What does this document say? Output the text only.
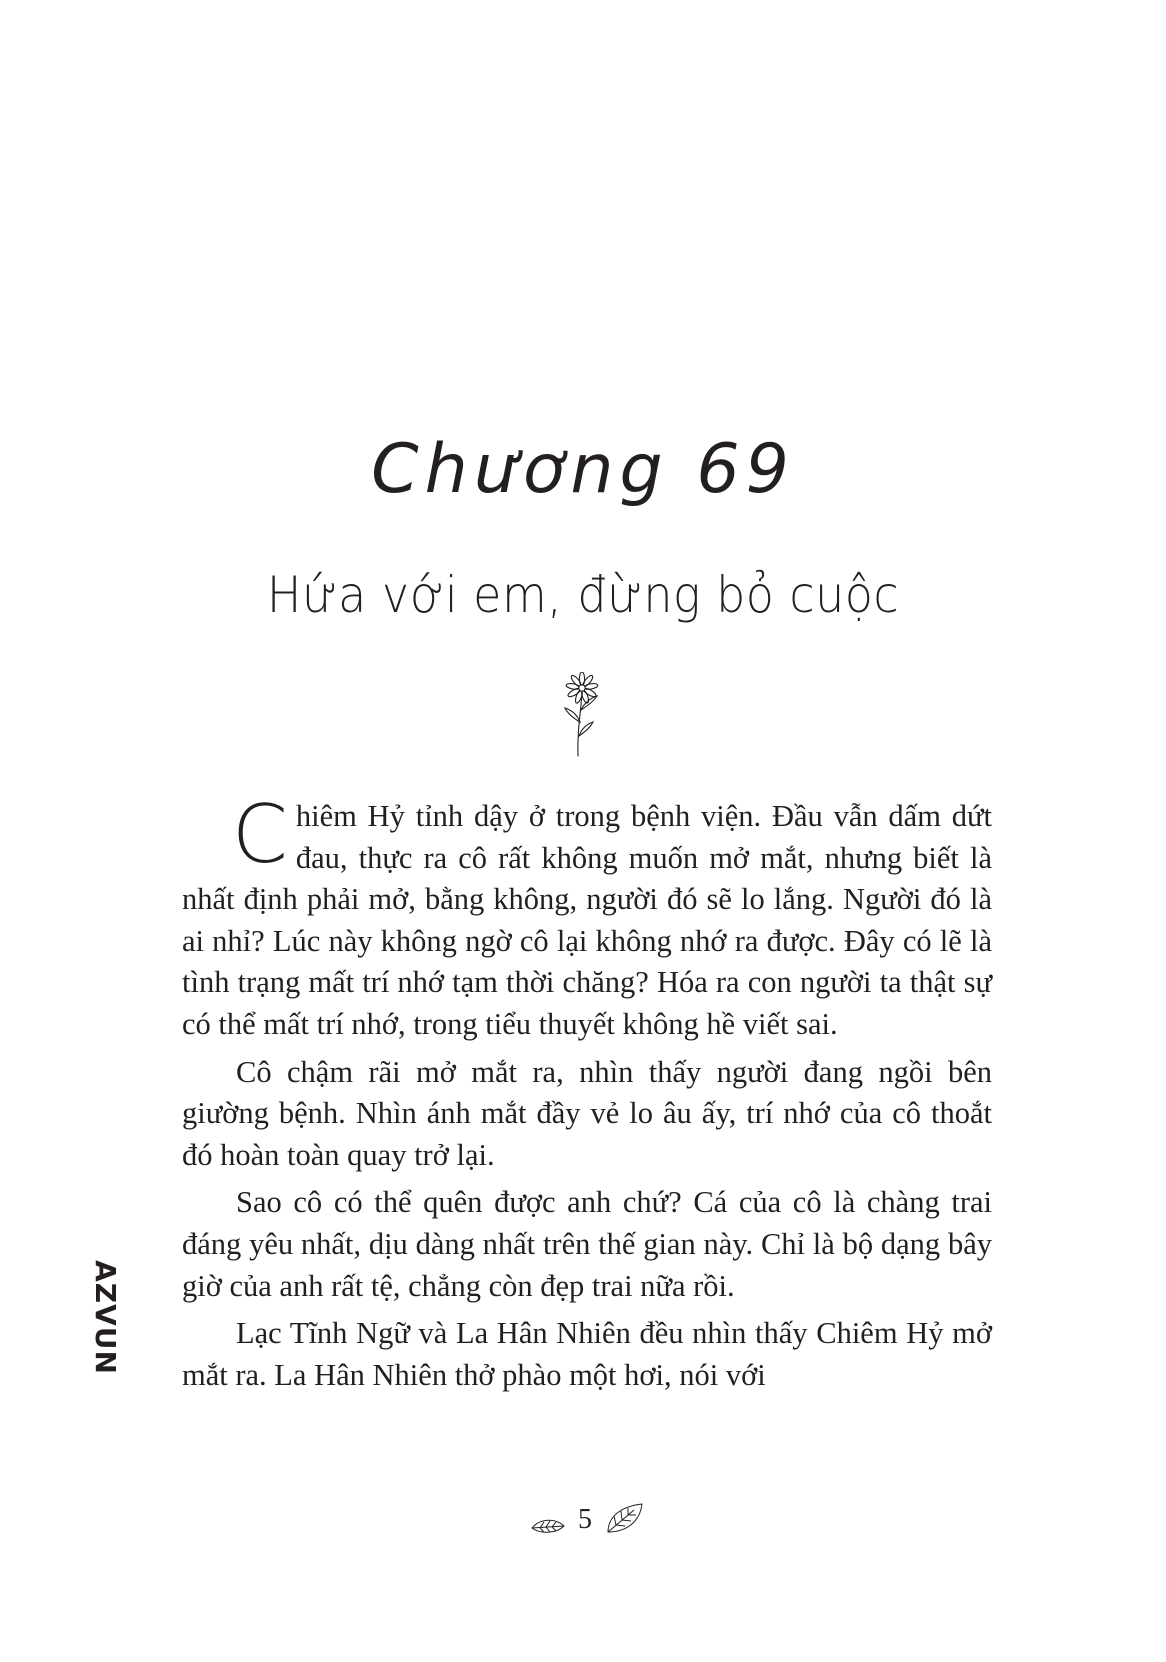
Chương 69
Hứa với em, đừng bỏ cuộc

Chiêm Hỷ tỉnh dậy ở trong bệnh viện. Đầu vẫn dấm dứt đau, thực ra cô rất không muốn mở mắt, nhưng biết là nhất định phải mở, bằng không, người đó sẽ lo lắng. Người đó là ai nhỉ? Lúc này không ngờ cô lại không nhớ ra được. Đây có lẽ là tình trạng mất trí nhớ tạm thời chăng? Hóa ra con người ta thật sự có thể mất trí nhớ, trong tiểu thuyết không hề viết sai.

Cô chậm rãi mở mắt ra, nhìn thấy người đang ngồi bên giường bệnh. Nhìn ánh mắt đầy vẻ lo âu ấy, trí nhớ của cô thoắt đó hoàn toàn quay trở lại.

Sao cô có thể quên được anh chứ? Cá của cô là chàng trai đáng yêu nhất, dịu dàng nhất trên thế gian này. Chỉ là bộ dạng bây giờ của anh rất tệ, chẳng còn đẹp trai nữa rồi.

Lạc Tĩnh Ngữ và La Hân Nhiên đều nhìn thấy Chiêm Hỷ mở mắt ra. La Hân Nhiên thở phào một hơi, nói với

AZVUN
5
